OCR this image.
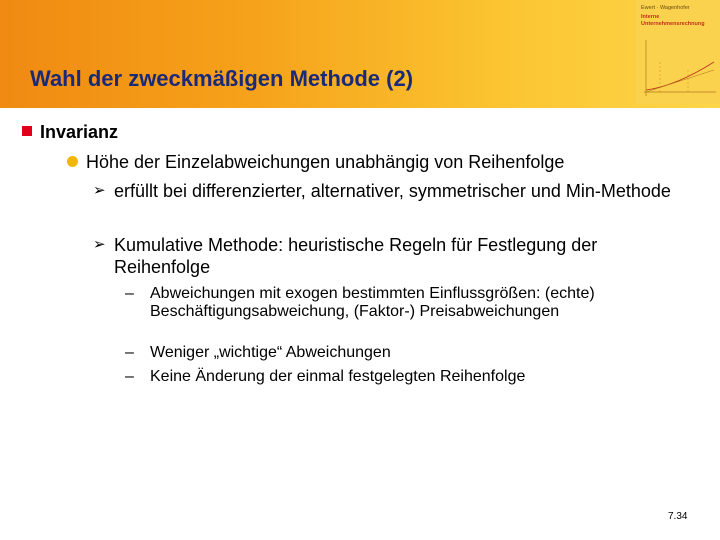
Ewert · Wagenhofer
Interne
Unternehmensrechnung
Wahl der zweckmäßigen Methode (2)
Invarianz
Höhe der Einzelabweichungen unabhängig von Reihenfolge
➢ erfüllt bei differenzierter, alternativer, symmetrischer und Min-Methode
➢ Kumulative Methode: heuristische Regeln für Festlegung der Reihenfolge
– Abweichungen mit exogen bestimmten Einflussgrößen: (echte) Beschäftigungsabweichung, (Faktor-) Preisabweichungen
– Weniger „wichtige“ Abweichungen
– Keine Änderung der einmal festgelegten Reihenfolge
7.34
